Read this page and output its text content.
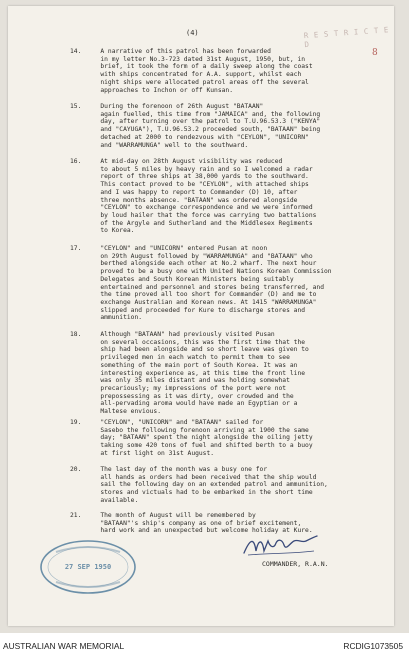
(4)	R E S T R I C T E D
8
14.     A narrative of this patrol has been forwarded
in my letter No.3-723 dated 31st August, 1950, but, in
brief, it took the form of a daily sweep along the coast
with ships concentrated for A.A. support, whilst each
night ships were allocated patrol areas off the several
approaches to Inchon or off Kunsan.
15.     During the forenoon of 26th August "BATAAN"
again fuelled, this time from "JAMAICA" and, the following
day, after turning over the patrol to T.U.96.53.3 ("KENYA"
and "CAYUGA"), T.U.96.53.2 proceeded south, "BATAAN" being
detached at 2000 to rendezvous with "CEYLON", "UNICORN"
and "WARRAMUNGA" well to the southward.
16.     At mid-day on 28th August visibility was reduced
to about 5 miles by heavy rain and so I welcomed a radar
report of three ships at 38,000 yards to the southward.
This contact proved to be "CEYLON", with attached ships
and I was happy to report to Commander (D) 10, after
three months absence. "BATAAN" was ordered alongside
"CEYLON" to exchange correspondence and we were informed
by loud hailer that the force was carrying two battalions
of the Argyle and Sutherland and the Middlesex Regiments
to Korea.
17.     "CEYLON" and "UNICORN" entered Pusan at noon
on 29th August followed by "WARRAMUNGA" and "BATAAN" who
berthed alongside each other at No.2 wharf. The next hour
proved to be a busy one with United Nations Korean Commission
Delegates and South Korean Ministers being suitably
entertained and personnel and stores being transferred, and
the time proved all too short for Commander (D) and me to
exchange Australian and Korean news. At 1415 "WARRAMUNGA"
slipped and proceeded for Kure to discharge stores and
ammunition.
18.     Although "BATAAN" had previously visited Pusan
on several occasions, this was the first time that the
ship had been alongside and so short leave was given to
privileged men in each watch to permit them to see
something of the main port of South Korea. It was an
interesting experience as, at this time the front line
was only 35 miles distant and was holding somewhat
precariously; my impressions of the port were not
prepossessing as it was dirty, over crowded and the
all-pervading aroma would have made an Egyptian or a
Maltese envious.
19.     "CEYLON", "UNICORN" and "BATAAN" sailed for
Sasebo the following forenoon arriving at 1900 the same
day; "BATAAN" spent the night alongside the oiling jetty
taking some 420 tons of fuel and shifted berth to a buoy
at first light on 31st August.
20.     The last day of the month was a busy one for
all hands as orders had been received that the ship would
sail the following day on an extended patrol and ammunition,
stores and victuals had to be embarked in the short time
available.
21.     The month of August will be remembered by
"BATAAN"'s ship's company as one of brief excitement,
hard work and an unexpected but welcome holiday at Kure.
COMMANDER, R.A.N.
27 SEP 1950
AUSTRALIAN WAR MEMORIAL	RCDIG1073505
